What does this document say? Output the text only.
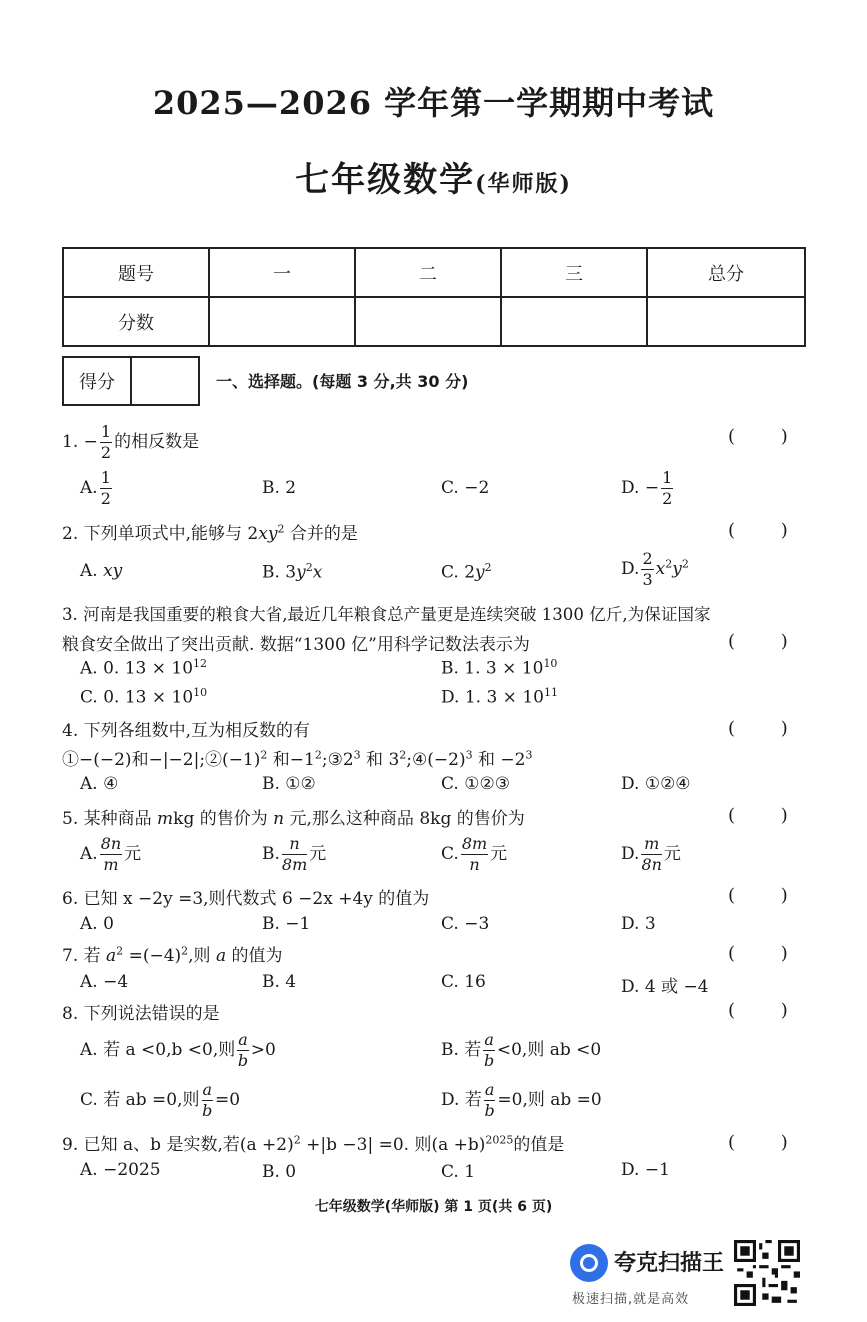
2025—2026 学年第一学期期中考试
七年级数学(华师版)
题号	一	二	三	总分
分数				
得分	一、选择题。(每题 3 分,共 30 分)
1. − $\frac{1}{2}$ 的相反数是	(        )
A. $\frac{1}{2}$	B. 2	C. −2	D. − $\frac{1}{2}$
2. 下列单项式中,能够与 $2xy^2$ 合并的是	(        )
A. xy	B. $3y^2x$	C. $2y^2$	D. $\frac{2}{3} x^2y^2$
3. 河南是我国重要的粮食大省,最近几年粮食总产量更是连续突破 1300 亿斤,为保证国家
粮食安全做出了突出贡献. 数据“1300 亿”用科学记数法表示为	(        )
A. 0. $13 \times 10^{12}$	B. 1. $3 \times 10^{10}$
C. 0. $13 \times 10^{10}$	D. 1. $3 \times 10^{11}$
4. 下列各组数中,互为相反数的有	(        )
①−(−2)和$-|-2|;②(-1)^2$ 和$-1^2;③2^3$ 和 $3^2;④(-2)^3$ 和 $-2^3$
A. ④	B. ①②	C. ①②③	D. ①②④
5. 某种商品 mkg 的售价为 n 元,那么这种商品 8kg 的售价为	(        )
A. $\frac{8n}{m}$ 元	B. $\frac{n}{8m}$ 元	C. $\frac{8m}{n}$ 元	D. $\frac{m}{8n}$ 元
6. 已知 x −2y =3,则代数式 6 −2x +4y 的值为	(        )
A. 0	B. −1	C. −3	D. 3
7. 若 $a^2 =(-4)^2$,则 a 的值为	(        )
A. −4	B. 4	C. 16	D. 4 或 −4
8. 下列说法错误的是	(        )
A. 若 a <0,b <0,则 $\frac{a}{b} >0$	B. 若 $\frac{a}{b} <0$,则 ab <0
C. 若 ab =0,则 $\frac{a}{b} =0$	D. 若 $\frac{a}{b} =0$,则 ab =0
9. 已知 a、b 是实数,若$(a +2)^2 +|b -3| =0$. 则$(a +b)^{2025}$的值是	(        )
A. −2025	B. 0	C. 1	D. −1
七年级数学(华师版) 第 1 页(共 6 页)
夸克扫描王
极速扫描,就是高效
